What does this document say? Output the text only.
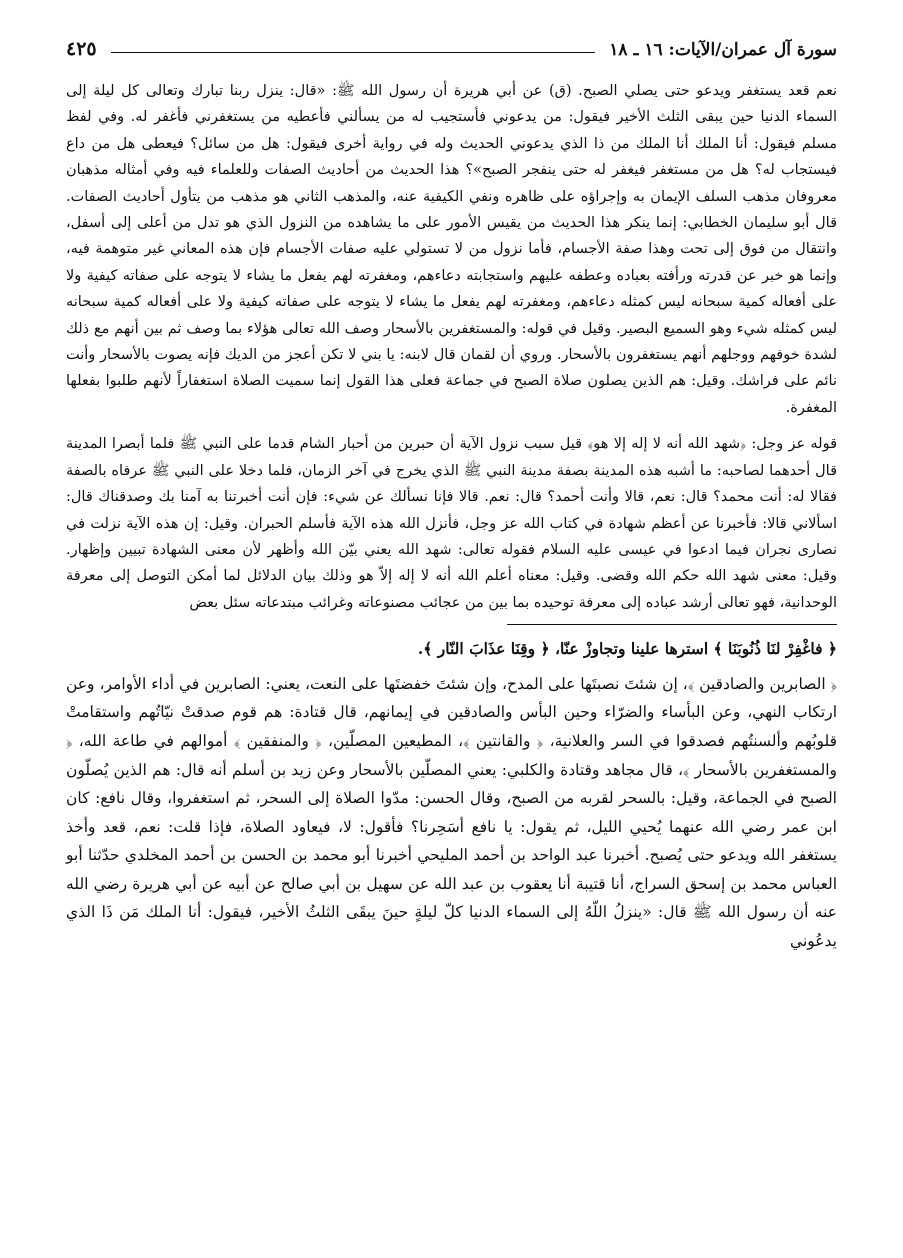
سورة آل عمران/الآيات: ١٦ ـ ١٨
٤٢٥

نعم قعد يستغفر ويدعو حتى يصلي الصبح. (ق) عن أبي هريرة أن رسول الله ﷺ: «قال: ينزل ربنا تبارك وتعالى كل ليلة إلى السماء الدنيا حين يبقى الثلث الأخير فيقول: من يدعوني فأستجيب له من يسألني فأعطيه من يستغفرني فأغفر له. وفي لفظ مسلم فيقول: أنا الملك أنا الملك من ذا الذي يدعوني الحديث وله في رواية أخرى فيقول: هل من سائل؟ فيعطى هل من داع فيستجاب له؟ هل من مستغفر فيغفر له حتى ينفجر الصبح»؟ هذا الحديث من أحاديث الصفات وللعلماء فيه وفي أمثاله مذهبان معروفان مذهب السلف الإيمان به وإجراؤه على ظاهره ونفي الكيفية عنه، والمذهب الثاني هو مذهب من يتأول أحاديث الصفات. قال أبو سليمان الخطابي: إنما ينكر هذا الحديث من يقيس الأمور على ما يشاهده من النزول الذي هو تدل من أعلى إلى أسفل، وانتقال من فوق إلى تحت وهذا صفة الأجسام، فأما نزول من لا تستولي عليه صفات الأجسام فإن هذه المعاني غير متوهمة فيه، وإنما هو خبر عن قدرته ورأفته بعباده وعطفه عليهم واستجابته دعاءهم، ومغفرته لهم يفعل ما يشاء لا يتوجه على صفاته كيفية ولا على أفعاله كمية سبحانه ليس كمثله دعاءهم، ومغفرته لهم يفعل ما يشاء لا يتوجه على صفاته كيفية ولا على أفعاله كمية سبحانه ليس كمثله شيء وهو السميع البصير. وقيل في قوله: والمستغفرين بالأسحار وصف الله تعالى هؤلاء بما وصف ثم بين أنهم مع ذلك لشدة خوفهم ووجلهم أنهم يستغفرون بالأسحار. وروي أن لقمان قال لابنه: يا بني لا تكن أعجز من الديك فإنه يصوت بالأسحار وأنت نائم على فراشك. وقيل: هم الذين يصلون صلاة الصبح في جماعة فعلى هذا القول إنما سميت الصلاة استغفاراً لأنهم طلبوا بفعلها المغفرة.

قوله عز وجل: ﴿شهد الله أنه لا إله إلا هو﴾ قيل سبب نزول الآية أن حبرين من أحبار الشام قدما على النبي ﷺ فلما أبصرا المدينة قال أحدهما لصاحبه: ما أشبه هذه المدينة بصفة مدينة النبي ﷺ الذي يخرج في آخر الزمان، فلما دخلا على النبي ﷺ عرفاه بالصفة فقالا له: أنت محمد؟ قال: نعم، قالا وأنت أحمد؟ قال: نعم. قالا فإنا نسألك عن شيء: فإن أنت أخبرتنا به آمنا بك وصدقناك قال: اسألاني قالا: فأخبرنا عن أعظم شهادة في كتاب الله عز وجل، فأنزل الله هذه الآية فأسلم الحبران. وقيل: إن هذه الآية نزلت في نصارى نجران فيما ادعوا في عيسى عليه السلام فقوله تعالى: شهد الله يعني بيّن الله وأظهر لأن معنى الشهادة تبيين وإظهار. وقيل: معنى شهد الله حكم الله وقضى. وقيل: معناه أعلم الله أنه لا إله إلاّ هو وذلك بيان الدلائل لما أمكن التوصل إلى معرفة الوحدانية، فهو تعالى أرشد عباده إلى معرفة توحيده بما بين من عجائب مصنوعاته وغرائب مبتدعاته سئل بعض

﴿ فاغْفِرْ لنَا ذُنُوبَنَا ﴾ استرها علينا وتجاوزْ عنّا، ﴿ وقِنَا عذَابَ النّار ﴾.

﴿ الصابرين والصادقين ﴾، إن شئتَ نصبتَها على المدح، وإن شئتَ خفضتَها على النعت، يعني: الصابرين في أداء الأوامر، وعن ارتكاب النهي، وعن البأساء والضرّاء وحين البأس والصادقين في إيمانهم، قال قتادة: هم قوم صدقتْ نيّاتُهم واستقامتْ قلوبُهم وألسنتُهم فصدقوا في السر والعلانية، ﴿ والقانتين ﴾، المطيعين المصلّين، ﴿ والمنفقين ﴾ أموالهم في طاعة الله، ﴿ والمستغفرين بالأسحار ﴾، قال مجاهد وقتادة والكلبي: يعني المصلّين بالأسحار وعن زيد بن أسلم أنه قال: هم الذين يُصلّون الصبح في الجماعة، وقيل: بالسحر لقربه من الصبح، وقال الحسن: مدّوا الصلاة إلى السحر، ثم استغفروا، وقال نافع: كان ابن عمر رضي الله عنهما يُحيي الليل، ثم يقول: يا نافع أسَحِرنا؟ فأقول: لا، فيعاود الصلاة، فإذا قلت: نعم، قعد وأخذ يستغفر الله ويدعو حتى يُصبح. أخبرنا عبد الواحد بن أحمد المليحي أخبرنا أبو محمد بن الحسن بن أحمد المخلدي حدّثنا أبو العباس محمد بن إسحق السراج، أنا قتيبة أنا يعقوب بن عبد الله عن سهيل بن أبي صالح عن أبيه عن أبي هريرة رضي الله عنه أن رسول الله ﷺ قال: «ينزلُ اللّهُ إلى السماء الدنيا كلّ ليلةٍ حينَ يبقَى الثلثُ الأخير، فيقول: أنا الملك مَن ذَا الذي يدعُوني
